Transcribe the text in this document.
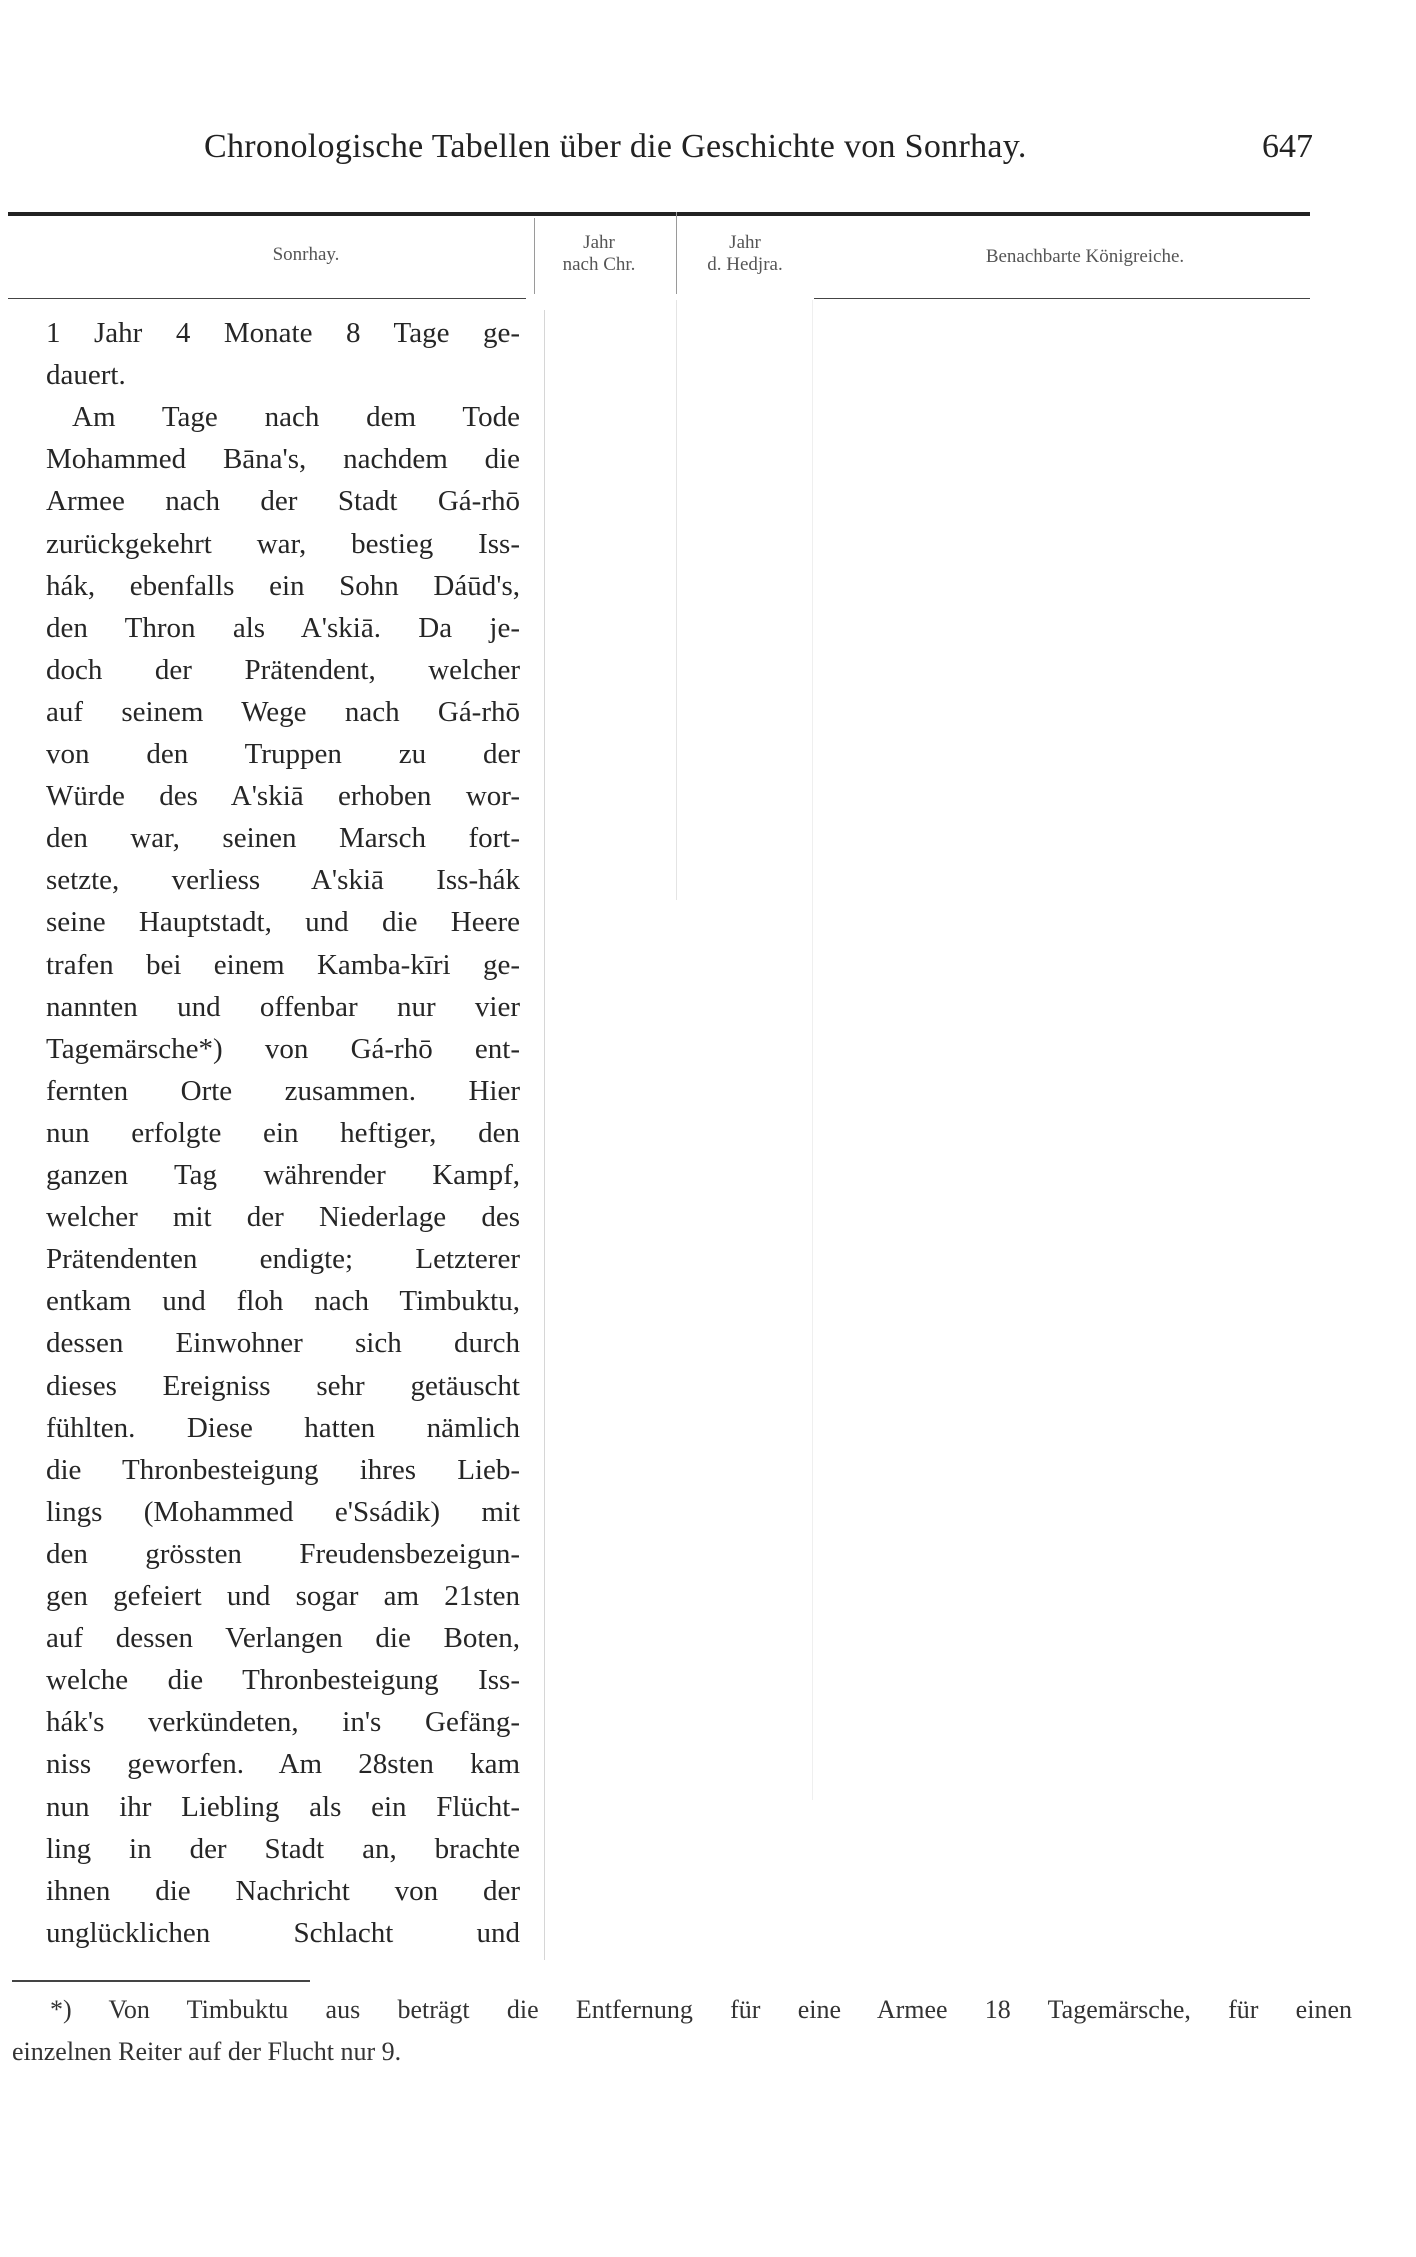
Chronologische Tabellen über die Geschichte von Sonrhay.	647
Sonrhay.
Jahr
nach Chr.
Jahr
d. Hedjra.	Benachbarte Königreiche.
1 Jahr 4 Monate 8 Tage ge-
dauert.
Am Tage nach dem Tode
Mohammed Bāna's, nachdem die
Armee nach der Stadt Gá-rhō
zurückgekehrt war, bestieg Iss-
hák, ebenfalls ein Sohn Dáūd's,
den Thron als A'skiā. Da je-
doch der Prätendent, welcher
auf seinem Wege nach Gá-rhō
von den Truppen zu der
Würde des A'skiā erhoben wor-
den war, seinen Marsch fort-
setzte, verliess A'skiā Iss-hák
seine Hauptstadt, und die Heere
trafen bei einem Kamba-kīri ge-
nannten und offenbar nur vier
Tagemärsche*) von Gá-rhō ent-
fernten Orte zusammen. Hier
nun erfolgte ein heftiger, den
ganzen Tag währender Kampf,
welcher mit der Niederlage des
Prätendenten endigte; Letzterer
entkam und floh nach Timbuktu,
dessen Einwohner sich durch
dieses Ereigniss sehr getäuscht
fühlten. Diese hatten nämlich
die Thronbesteigung ihres Lieb-
lings (Mohammed e'Ssádik) mit
den grössten Freudensbezeigun-
gen gefeiert und sogar am 21sten
auf dessen Verlangen die Boten,
welche die Thronbesteigung Iss-
hák's verkündeten, in's Gefäng-
niss geworfen. Am 28sten kam
nun ihr Liebling als ein Flücht-
ling in der Stadt an, brachte
ihnen die Nachricht von der
unglücklichen Schlacht und
*) Von Timbuktu aus beträgt die Entfernung für eine Armee 18 Tagemärsche, für einen
einzelnen Reiter auf der Flucht nur 9.
